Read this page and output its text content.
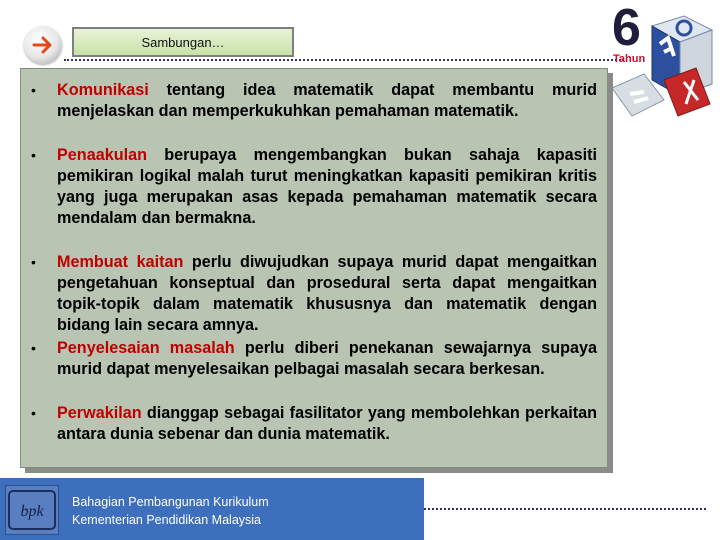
Sambungan…	6
Tahun
•	Komunikasi tentang idea matematik dapat membantu murid menjelaskan dan memperkukuhkan pemahaman matematik.
•	Penaakulan berupaya mengembangkan bukan sahaja kapasiti pemikiran logikal malah turut meningkatkan kapasiti pemikiran kritis yang juga merupakan asas kepada pemahaman matematik secara mendalam dan bermakna.
•	Membuat kaitan perlu diwujudkan supaya murid dapat mengaitkan pengetahuan konseptual dan prosedural serta dapat mengaitkan topik-topik dalam matematik khususnya dan matematik dengan bidang lain secara amnya.
•	Penyelesaian masalah perlu diberi penekanan sewajarnya supaya murid dapat menyelesaikan pelbagai masalah secara berkesan.
•	Perwakilan dianggap sebagai fasilitator yang membolehkan perkaitan antara dunia sebenar dan dunia matematik.
bpk
Bahagian Pembangunan Kurikulum
Kementerian Pendidikan Malaysia
